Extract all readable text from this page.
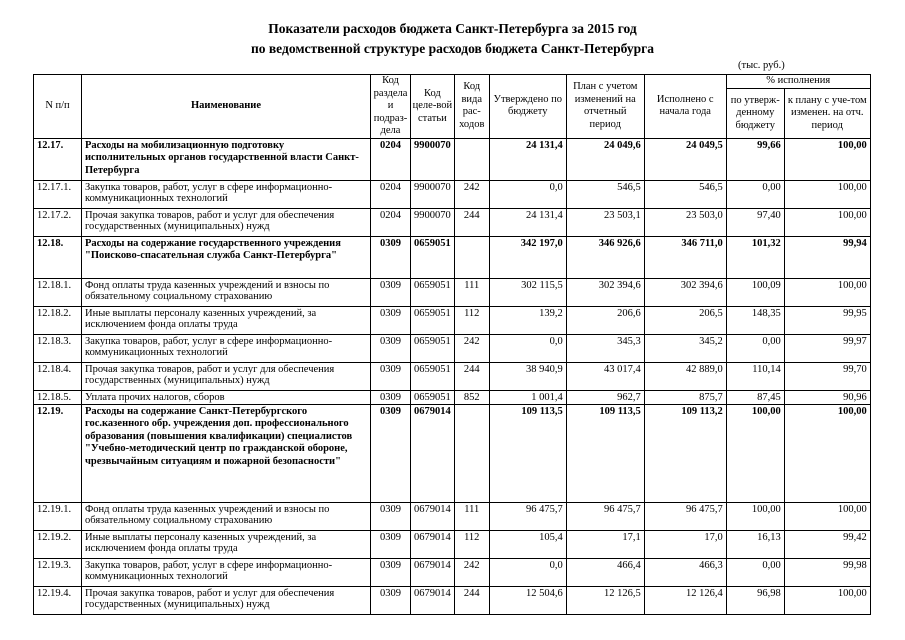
Показатели расходов бюджета Санкт-Петербурга за 2015 год
по ведомственной структуре расходов бюджета Санкт-Петербурга
(тыс. руб.)
N п/п	Наименование	Код раздела и подраз-дела	Код целе-вой статьи	Код вида рас-ходов	Утверждено по бюджету	План с учетом изменений на отчетный период	Исполнено с начала года	% исполнения	
								по утверж-денному бюджету	к плану с уче-том изменен. на отч. период
12.17.	Расходы на мобилизационную подготовку исполнительных органов государственной власти Санкт-Петербурга	0204	9900070		24 131,4	24 049,6	24 049,5	99,66	100,00
12.17.1.	Закупка товаров, работ, услуг в сфере информационно-коммуникационных технологий	0204	9900070	242	0,0	546,5	546,5	0,00	100,00
12.17.2.	Прочая закупка товаров, работ и услуг для обеспечения государственных (муниципальных) нужд	0204	9900070	244	24 131,4	23 503,1	23 503,0	97,40	100,00
12.18.	Расходы на содержание государственного учреждения "Поисково-спасательная служба Санкт-Петербурга"	0309	0659051		342 197,0	346 926,6	346 711,0	101,32	99,94
12.18.1.	Фонд оплаты труда казенных учреждений и взносы по обязательному социальному страхованию	0309	0659051	111	302 115,5	302 394,6	302 394,6	100,09	100,00
12.18.2.	Иные выплаты персоналу казенных учреждений, за исключением фонда оплаты труда	0309	0659051	112	139,2	206,6	206,5	148,35	99,95
12.18.3.	Закупка товаров, работ, услуг в сфере информационно-коммуникационных технологий	0309	0659051	242	0,0	345,3	345,2	0,00	99,97
12.18.4.	Прочая закупка товаров, работ и услуг для обеспечения государственных (муниципальных) нужд	0309	0659051	244	38 940,9	43 017,4	42 889,0	110,14	99,70
12.18.5.	Уплата прочих налогов, сборов	0309	0659051	852	1 001,4	962,7	875,7	87,45	90,96
12.19.	Расходы на содержание Санкт-Петербургского гос.казенного обр. учреждения доп. профессионального образования (повышения квалификации) специалистов "Учебно-методический центр по гражданской обороне, чрезвычайным ситуациям и пожарной безопасности"	0309	0679014		109 113,5	109 113,5	109 113,2	100,00	100,00
12.19.1.	Фонд оплаты труда казенных учреждений и взносы по обязательному социальному страхованию	0309	0679014	111	96 475,7	96 475,7	96 475,7	100,00	100,00
12.19.2.	Иные выплаты персоналу казенных учреждений, за исключением фонда оплаты труда	0309	0679014	112	105,4	17,1	17,0	16,13	99,42
12.19.3.	Закупка товаров, работ, услуг в сфере информационно-коммуникационных технологий	0309	0679014	242	0,0	466,4	466,3	0,00	99,98
12.19.4.	Прочая закупка товаров, работ и услуг для обеспечения государственных (муниципальных) нужд	0309	0679014	244	12 504,6	12 126,5	12 126,4	96,98	100,00
